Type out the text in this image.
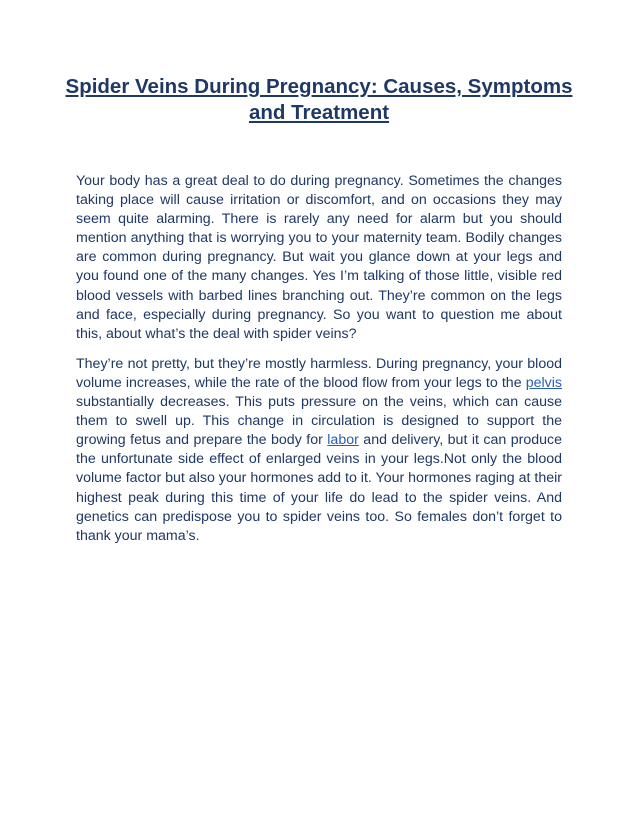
Spider Veins During Pregnancy: Causes, Symptoms and Treatment

Your body has a great deal to do during pregnancy. Sometimes the changes taking place will cause irritation or discomfort, and on occasions they may seem quite alarming. There is rarely any need for alarm but you should mention anything that is worrying you to your maternity team. Bodily changes are common during pregnancy. But wait you glance down at your legs and you found one of the many changes. Yes I’m talking of those little, visible red blood vessels with barbed lines branching out. They’re common on the legs and face, especially during pregnancy. So you want to question me about this, about what’s the deal with spider veins?

They’re not pretty, but they’re mostly harmless. During pregnancy, your blood volume increases, while the rate of the blood flow from your legs to the pelvis substantially decreases. This puts pressure on the veins, which can cause them to swell up. This change in circulation is designed to support the growing fetus and prepare the body for labor and delivery, but it can produce the unfortunate side effect of enlarged veins in your legs.Not only the blood volume factor but also your hormones add to it. Your hormones raging at their highest peak during this time of your life do lead to the spider veins. And genetics can predispose you to spider veins too. So females don’t forget to thank your mama’s.
